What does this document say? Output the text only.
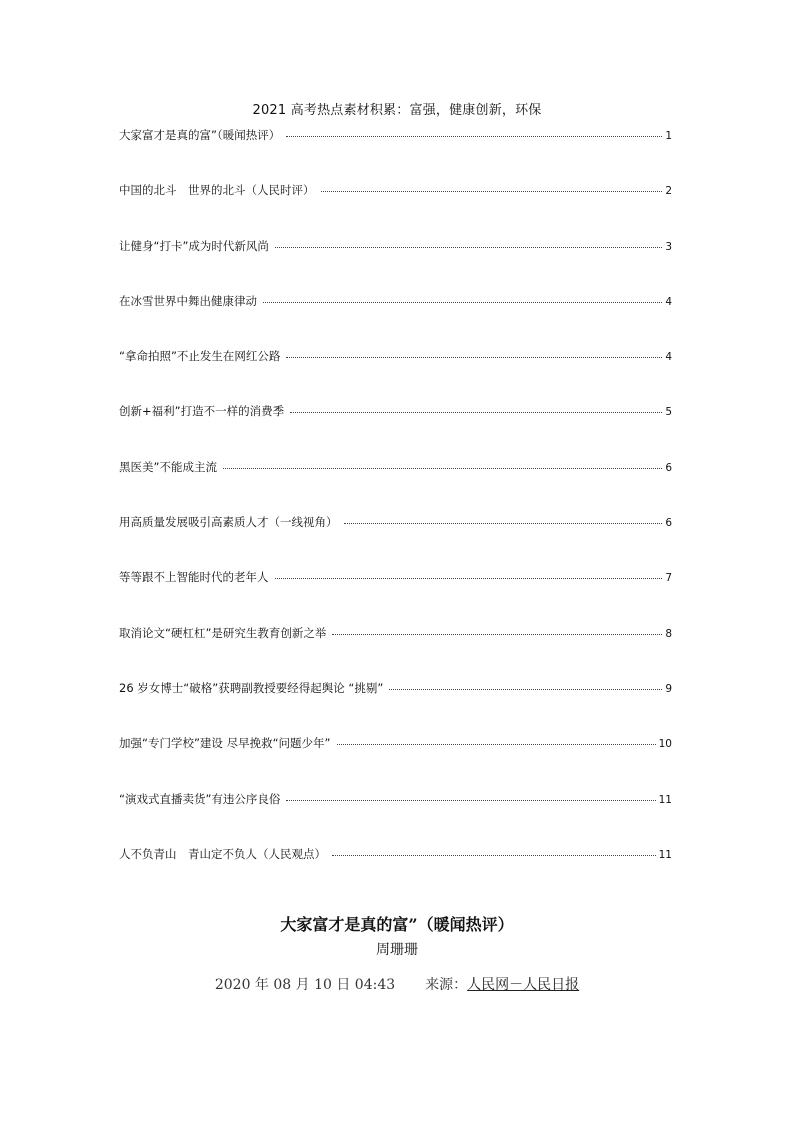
2021 高考热点素材积累：富强，健康创新，环保
大家富才是真的富”（暖闻热评）	1
中国的北斗　世界的北斗（人民时评）	2
让健身“打卡”成为时代新风尚	3
在冰雪世界中舞出健康律动	4
“拿命拍照”不止发生在网红公路	4
创新+福利”打造不一样的消费季	5
黑医美”不能成主流	6
用高质量发展吸引高素质人才（一线视角）	6
等等跟不上智能时代的老年人	7
取消论文“硬杠杠”是研究生教育创新之举	8
26 岁女博士“破格”获聘副教授要经得起舆论 “挑剔”	9
加强“专门学校”建设 尽早挽救“问题少年”	10
“演戏式直播卖货”有违公序良俗	11
人不负青山　青山定不负人（人民观点）	11
大家富才是真的富”（暖闻热评）
周珊珊
2020 年 08 月 10 日 04:43 来源：人民网－人民日报
